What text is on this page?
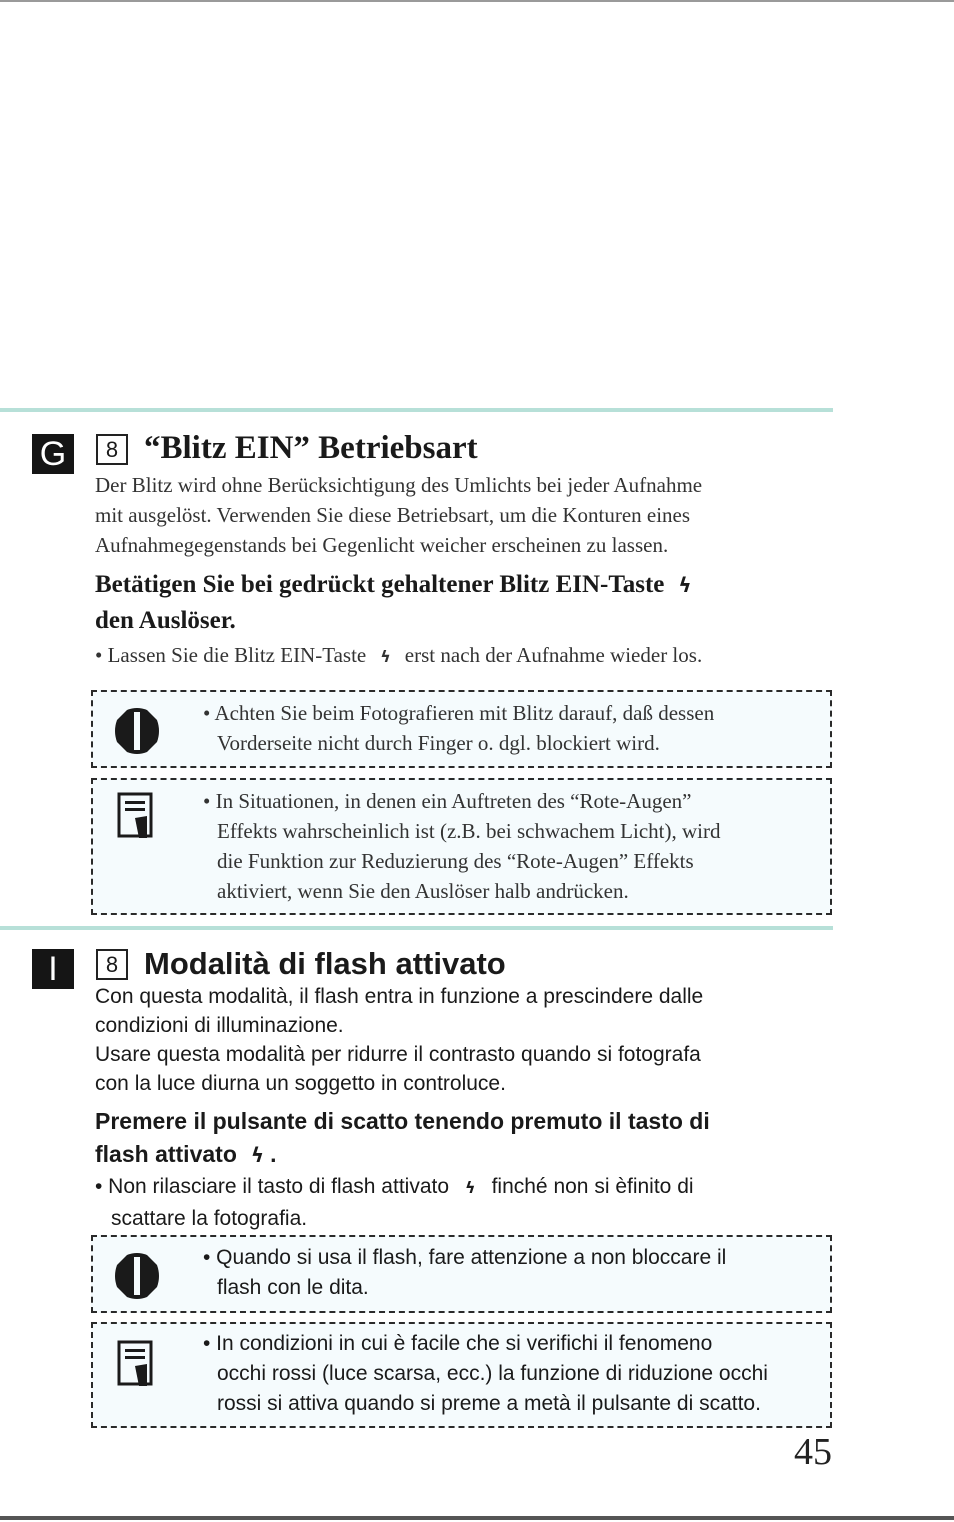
G	8 “Blitz EIN” Betriebsart
Der Blitz wird ohne Berücksichtigung des Umlichts bei jeder Aufnahme
mit ausgelöst. Verwenden Sie diese Betriebsart, um die Konturen eines
Aufnahmegegenstands bei Gegenlicht weicher erscheinen zu lassen.
Betätigen Sie bei gedrückt gehaltener Blitz EIN-Taste ϟ
den Auslöser.
• Lassen Sie die Blitz EIN-Taste ϟ erst nach der Aufnahme wieder los.
• Achten Sie beim Fotografieren mit Blitz darauf, daß dessen
Vorderseite nicht durch Finger o. dgl. blockiert wird.
• In Situationen, in denen ein Auftreten des “Rote-Augen”
Effekts wahrscheinlich ist (z.B. bei schwachem Licht), wird
die Funktion zur Reduzierung des “Rote-Augen” Effekts
aktiviert, wenn Sie den Auslöser halb andrücken.
I	8 Modalità di flash attivato
Con questa modalità, il flash entra in funzione a prescindere dalle
condizioni di illuminazione.
Usare questa modalità per ridurre il contrasto quando si fotografa
con la luce diurna un soggetto in controluce.
Premere il pulsante di scatto tenendo premuto il tasto di
flash attivato ϟ .
• Non rilasciare il tasto di flash attivato ϟ finché non si èfinito di
scattare la fotografia.
• Quando si usa il flash, fare attenzione a non bloccare il
flash con le dita.
• In condizioni in cui è facile che si verifichi il fenomeno
occhi rossi (luce scarsa, ecc.) la funzione di riduzione occhi
rossi si attiva quando si preme a metà il pulsante di scatto.
45
